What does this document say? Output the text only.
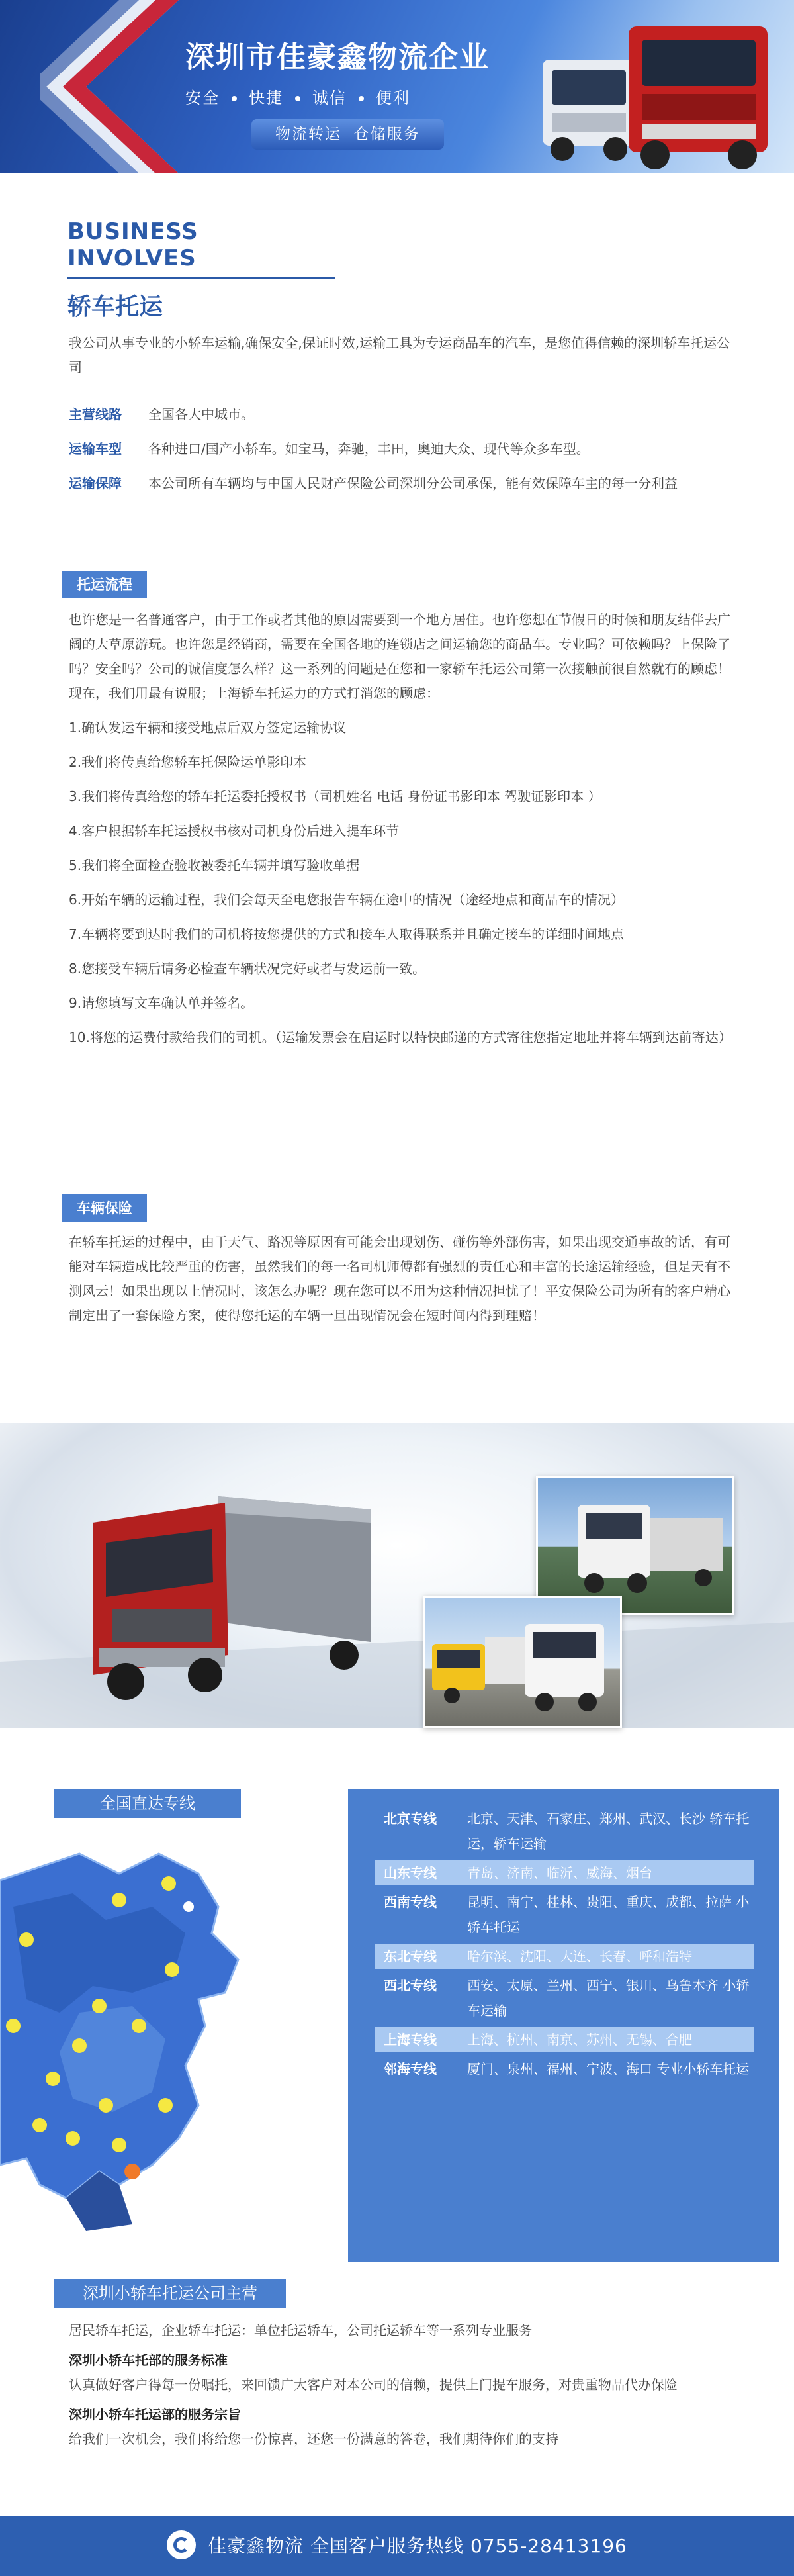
深圳市佳豪鑫物流企业
安全 快捷 诚信 便利
物流转运  仓储服务
BUSINESS INVOLVES
轿车托运
我公司从事专业的小轿车运输,确保安全,保证时效,运输工具为专运商品车的汽车，是您值得信赖的深圳轿车托运公司
主营线路	全国各大中城市。
运输车型	各种进口/国产小轿车。如宝马，奔驰，丰田，奥迪大众、现代等众多车型。
运输保障	本公司所有车辆均与中国人民财产保险公司深圳分公司承保，能有效保障车主的每一分利益
托运流程

也许您是一名普通客户，由于工作或者其他的原因需要到一个地方居住。也许您想在节假日的时候和朋友结伴去广阔的大草原游玩。也许您是经销商，需要在全国各地的连锁店之间运输您的商品车。专业吗？可依赖吗？上保险了吗？安全吗？公司的诚信度怎么样？这一系列的问题是在您和一家轿车托运公司第一次接触前很自然就有的顾虑！现在，我们用最有说服；上海轿车托运力的方式打消您的顾虑：

1.确认发运车辆和接受地点后双方签定运输协议

2.我们将传真给您轿车托保险运单影印本

3.我们将传真给您的轿车托运委托授权书（司机姓名 电话 身份证书影印本 驾驶证影印本 ）

4.客户根据轿车托运授权书核对司机身份后进入提车环节

5.我们将全面检查验收被委托车辆并填写验收单据

6.开始车辆的运输过程，我们会每天至电您报告车辆在途中的情况（途经地点和商品车的情况）

7.车辆将要到达时我们的司机将按您提供的方式和接车人取得联系并且确定接车的详细时间地点

8.您接受车辆后请务必检查车辆状况完好或者与发运前一致。

9.请您填写文车确认单并签名。

10.将您的运费付款给我们的司机。（运输发票会在启运时以特快邮递的方式寄往您指定地址并将车辆到达前寄达）

车辆保险
在轿车托运的过程中，由于天气、路况等原因有可能会出现划伤、碰伤等外部伤害，如果出现交通事故的话，有可能对车辆造成比较严重的伤害，虽然我们的每一名司机师傅都有强烈的责任心和丰富的长途运输经验，但是天有不测风云！如果出现以上情况时，该怎么办呢？现在您可以不用为这种情况担忧了！平安保险公司为所有的客户精心制定出了一套保险方案，使得您托运的车辆一旦出现情况会在短时间内得到理赔！
全国直达专线
北京专线	北京、天津、石家庄、郑州、武汉、长沙 轿车托运，轿车运输
山东专线	青岛、济南、临沂、威海、烟台
西南专线	昆明、南宁、桂林、贵阳、重庆、成都、拉萨 小轿车托运
东北专线	哈尔滨、沈阳、大连、长春、呼和浩特
西北专线	西安、太原、兰州、西宁、银川、乌鲁木齐 小轿车运输
上海专线	上海、杭州、南京、苏州、无锡、合肥
邻海专线	厦门、泉州、福州、宁波、海口 专业小轿车托运
深圳小轿车托运公司主营
居民轿车托运，企业轿车托运：单位托运轿车，公司托运轿车等一系列专业服务
深圳小轿车托部的服务标准
认真做好客户得每一份嘱托，来回馈广大客户对本公司的信赖，提供上门提车服务，对贵重物品代办保险
深圳小轿车托运部的服务宗旨
给我们一次机会，我们将给您一份惊喜，还您一份满意的答卷，我们期待你们的支持
佳豪鑫物流 全国客户服务热线 0755-28413196
